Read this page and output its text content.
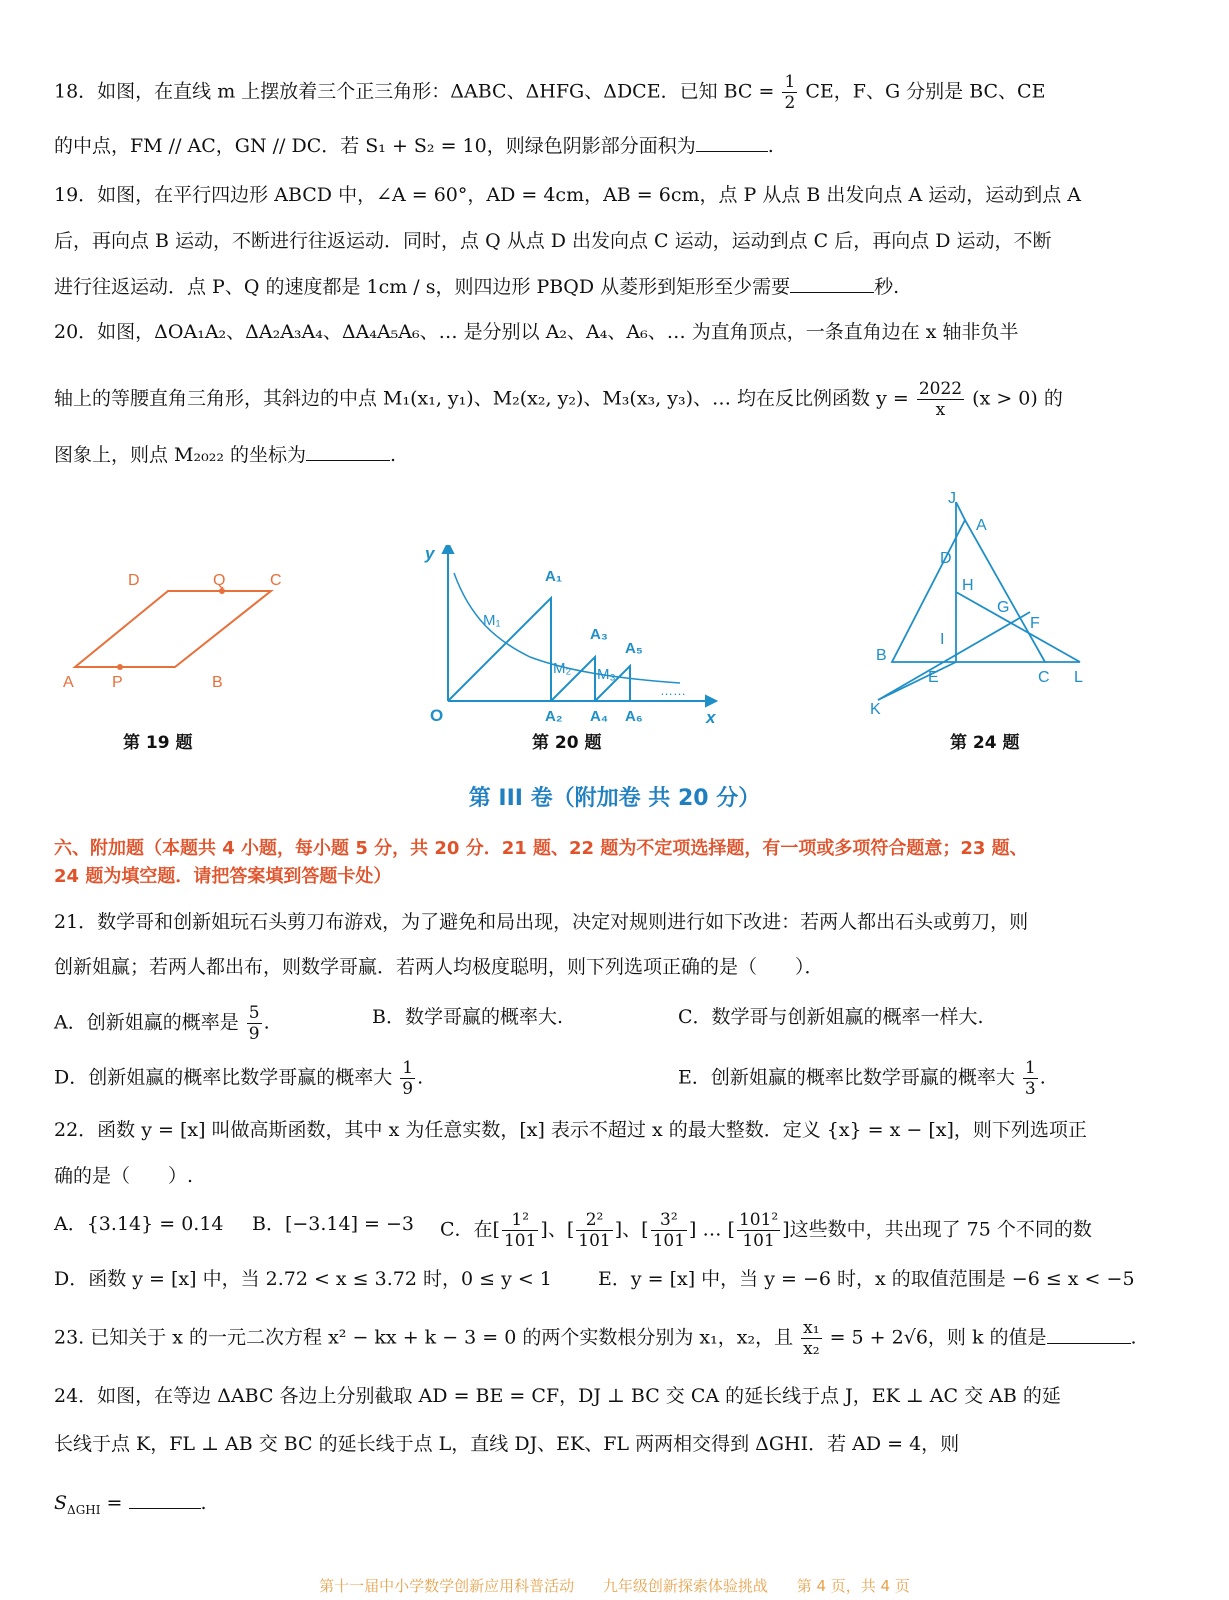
18．如图，在直线 m 上摆放着三个正三角形：ΔABC、ΔHFG、ΔDCE．已知 BC = $\frac{1}{2}$ CE，F、G 分别是 BC、CE
的中点，FM // AC，GN // DC．若 S₁ + S₂ = 10，则绿色阴影部分面积为	.
19．如图，在平行四边形 ABCD 中，∠A = 60°，AD = 4cm，AB = 6cm，点 P 从点 B 出发向点 A 运动，运动到点 A
后，再向点 B 运动，不断进行往返运动．同时，点 Q 从点 D 出发向点 C 运动，运动到点 C 后，再向点 D 运动，不断
进行往返运动．点 P、Q 的速度都是 1cm / s，则四边形 PBQD 从菱形到矩形至少需要	秒.
20．如图，ΔOA₁A₂、ΔA₂A₃A₄、ΔA₄A₅A₆、… 是分别以 A₂、A₄、A₆、… 为直角顶点，一条直角边在 x 轴非负半
轴上的等腰直角三角形，其斜边的中点 M₁(x₁, y₁)、M₂(x₂, y₂)、M₃(x₃, y₃)、… 均在反比例函数 $y = \frac{2022}{x} (x > 0)$ 的
图象上，则点 M₂₀₂₂ 的坐标为	.
D	Q	C
A P	B
第 19 题
y
x
O
A₁
A₂
A₃
A₄
A₅
A₆
M₁
M₂ M₃
……
第 20 题
J
A
D
H
G
F
I
B
E	C L
K
第 24 题
第 III 卷（附加卷 共 20 分）
六、附加题（本题共 4 小题，每小题 5 分，共 20 分．21 题、22 题为不定项选择题，有一项或多项符合题意；23 题、
24 题为填空题．请把答案填到答题卡处）
21．数学哥和创新姐玩石头剪刀布游戏，为了避免和局出现，决定对规则进行如下改进：若两人都出石头或剪刀，则
创新姐赢；若两人都出布，则数学哥赢．若两人均极度聪明，则下列选项正确的是（　　）．
A．创新姐赢的概率是 $\frac{5}{9}$ .	B．数学哥赢的概率大.	C．数学哥与创新姐赢的概率一样大.
D．创新姐赢的概率比数学哥赢的概率大 $\frac{1}{9}$ .	E．创新姐赢的概率比数学哥赢的概率大 $\frac{1}{3}$ .
22．函数 y = [x] 叫做高斯函数，其中 x 为任意实数，[x] 表示不超过 x 的最大整数．定义 {x} = x − [x]，则下列选项正
确的是（　　）.
A．{3.14} = 0.14 B．[−3.14] = −3 C．在[ $\frac{\text{1²}}{101}$ ]、[ $\frac{\text{2²}}{101}$ ]、[ $\frac{\text{3²}}{101}$ ] … [ $\frac{\text{101²}}{101}$ ]这些数中，共出现了 75 个不同的数
D．函数 y = [x] 中，当 2.72 < x ≤ 3.72 时，0 ≤ y < 1 E．y = [x] 中，当 y = −6 时，x 的取值范围是 −6 ≤ x < −5
23. 已知关于 x 的一元二次方程 x² − kx + k − 3 = 0 的两个实数根分别为 x₁，x₂，且 $\frac{\text{x₁}}{\text{x₂}} = 5 + 2√6$，则 k 的值是	.
24．如图，在等边 ΔABC 各边上分别截取 AD = BE = CF，DJ ⊥ BC 交 CA 的延长线于点 J，EK ⊥ AC 交 AB 的延
长线于点 K，FL ⊥ AB 交 BC 的延长线于点 L，直线 DJ、EK、FL 两两相交得到 ΔGHI．若 AD = 4，则
$S_{\Delta GHI}$ =	.
第十一届中小学数学创新应用科普活动 九年级创新探索体验挑战 第 4 页，共 4 页
